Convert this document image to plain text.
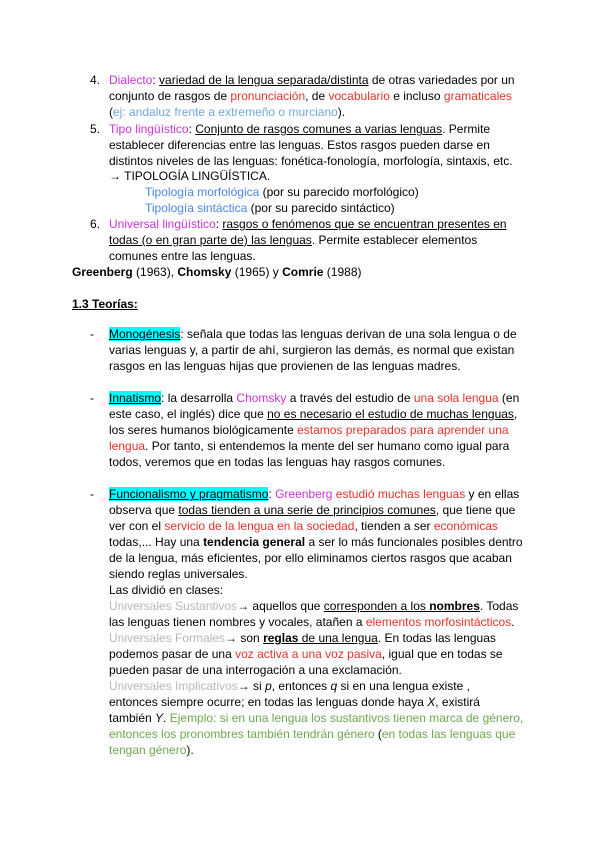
4. Dialecto: variedad de la lengua separada/distinta de otras variedades por un
conjunto de rasgos de pronunciación, de vocabulario e incluso gramaticales
(ej: andaluz frente a extremeño o murciano).
5. Tipo lingüístico: Conjunto de rasgos comunes a varias lenguas. Permite
establecer diferencias entre las lenguas. Estos rasgos pueden darse en
distintos niveles de las lenguas: fonética-fonología, morfología, sintaxis, etc.
→ TIPOLOGÍA LINGÜÍSTICA.
Tipología morfológica (por su parecido morfológico)
Tipología sintáctica (por su parecido sintáctico)
6. Universal lingüístico: rasgos o fenómenos que se encuentran presentes en
todas (o en gran parte de) las lenguas. Permite establecer elementos
comunes entre las lenguas.
Greenberg (1963), Chomsky (1965) y Comrie (1988)
1.3 Teorías:
- Monogénesis: señala que todas las lenguas derivan de una sola lengua o de
varias lenguas y, a partir de ahí, surgieron las demás, es normal que existan
rasgos en las lenguas hijas que provienen de las lenguas madres.
- Innatismo: la desarrolla Chomsky a través del estudio de una sola lengua (en
este caso, el inglés) dice que no es necesario el estudio de muchas lenguas,
los seres humanos biológicamente estamos preparados para aprender una
lengua. Por tanto, si entendemos la mente del ser humano como igual para
todos, veremos que en todas las lenguas hay rasgos comunes.
- Funcionalismo y pragmatismo: Greenberg estudió muchas lenguas y en ellas
observa que todas tienden a una serie de principios comunes, que tiene que
ver con el servicio de la lengua en la sociedad, tienden a ser económicas
todas,... Hay una tendencia general a ser lo más funcionales posibles dentro
de la lengua, más eficientes, por ello eliminamos ciertos rasgos que acaban
siendo reglas universales.
Las dividió en clases:
Universales Sustantivos→ aquellos que corresponden a los nombres. Todas
las lenguas tienen nombres y vocales, atañen a elementos morfosintácticos.
Universales Formales→ son reglas de una lengua. En todas las lenguas
podemos pasar de una voz activa a una voz pasiva, igual que en todas se
pueden pasar de una interrogación a una exclamación.
Universales Implicativos→ si p, entonces q si en una lengua existe ,
entonces siempre ocurre; en todas las lenguas donde haya X, existirá
también Y. Ejemplo: si en una lengua los sustantivos tienen marca de género,
entonces los pronombres también tendrán género (en todas las lenguas que
tengan género).
